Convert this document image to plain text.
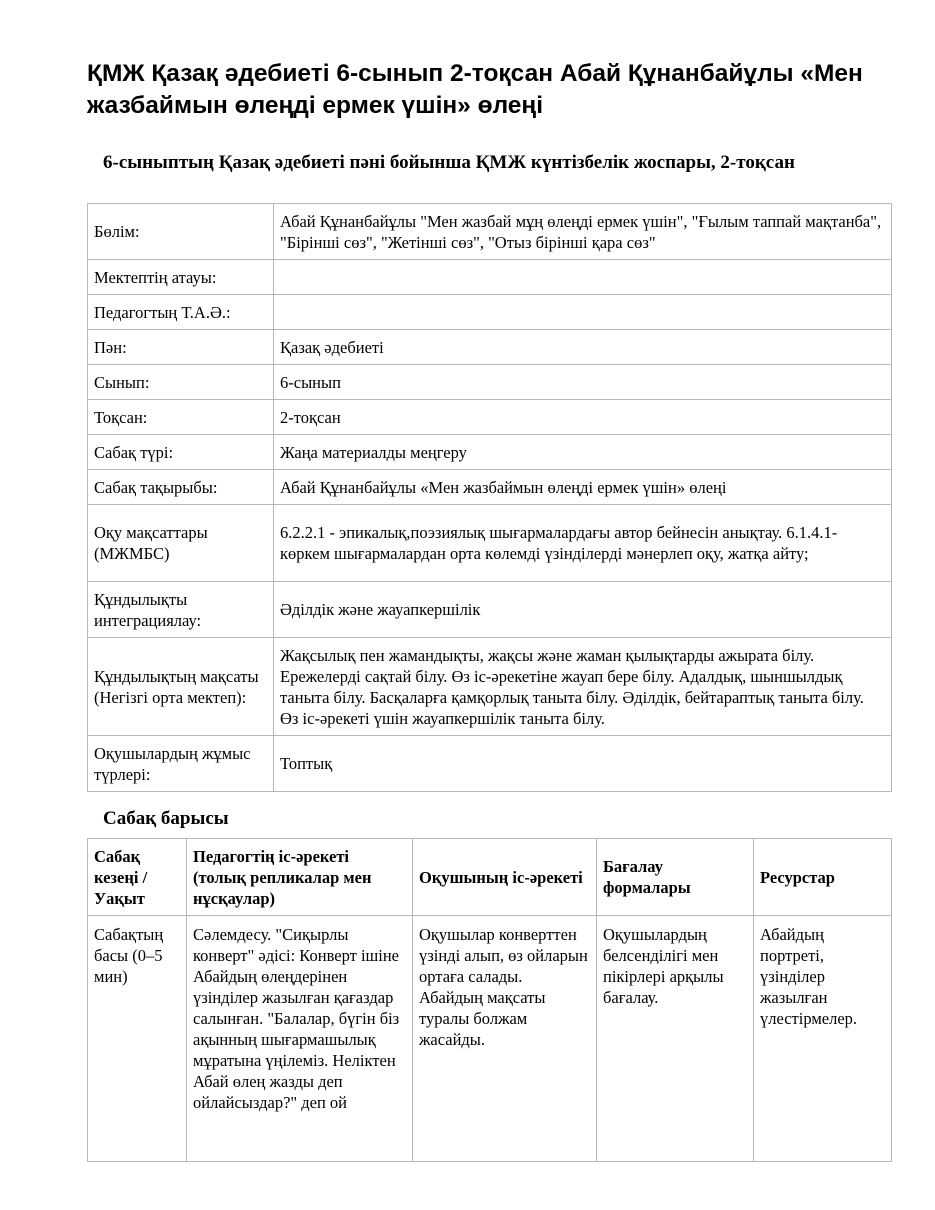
ҚМЖ Қазақ әдебиеті 6-сынып 2-тоқсан Абай Құнанбайұлы «Мен жазбаймын өлеңді ермек үшін» өлеңі
6-сыныптың Қазақ әдебиеті пәні бойынша ҚМЖ күнтізбелік жоспары, 2-тоқсан
Бөлім:	Абай Құнанбайұлы "Мен жазбай мұң өлеңді ермек үшін", "Ғылым таппай мақтанба", "Бірінші сөз", "Жетінші сөз", "Отыз бірінші қара сөз"
Мектептің атауы:	
Педагогтың Т.А.Ә.:	
Пән:	Қазақ әдебиеті
Сынып:	6-сынып
Тоқсан:	2-тоқсан
Сабақ түрі:	Жаңа материалды меңгеру
Сабақ тақырыбы:	Абай Құнанбайұлы «Мен жазбаймын өлеңді ермек үшін» өлеңі
Оқу мақсаттары (МЖМБС)	6.2.2.1 - эпикалық,поэзиялық шығармалардағы автор бейнесін анықтау. 6.1.4.1- көркем шығармалардан орта көлемді үзінділерді мәнерлеп оқу, жатқа айту;
Құндылықты интеграциялау:	Әділдік және жауапкершілік
Құндылықтың мақсаты (Негізгі орта мектеп):	Жақсылық пен жамандықты, жақсы және жаман қылықтарды ажырата білу. Ережелерді сақтай білу. Өз іс-әрекетіне жауап бере білу. Адалдық, шыншылдық таныта білу. Басқаларға қамқорлық таныта білу. Әділдік, бейтараптық таныта білу. Өз іс-әрекеті үшін жауапкершілік таныта білу.
Оқушылардың жұмыс түрлері:	Топтық
Сабақ барысы
Сабақ кезеңі / Уақыт	Педагогтің іс-әрекеті (толық репликалар мен нұсқаулар)	Оқушының іс-әрекеті	Бағалау формалары	Ресурстар
Сабақтың басы (0–5 мин)	Сәлемдесу. "Сиқырлы конверт" әдісі: Конверт ішіне Абайдың өлеңдерінен үзінділер жазылған қағаздар салынған. "Балалар, бүгін біз ақынның шығармашылық мұратына үңілеміз. Неліктен Абай өлең жазды деп ойлайсыздар?" деп ой	Оқушылар конверттен үзінді алып, өз ойларын ортаға салады. Абайдың мақсаты туралы болжам жасайды.	Оқушылардың белсенділігі мен пікірлері арқылы бағалау.	Абайдың портреті, үзінділер жазылған үлестірмелер.
